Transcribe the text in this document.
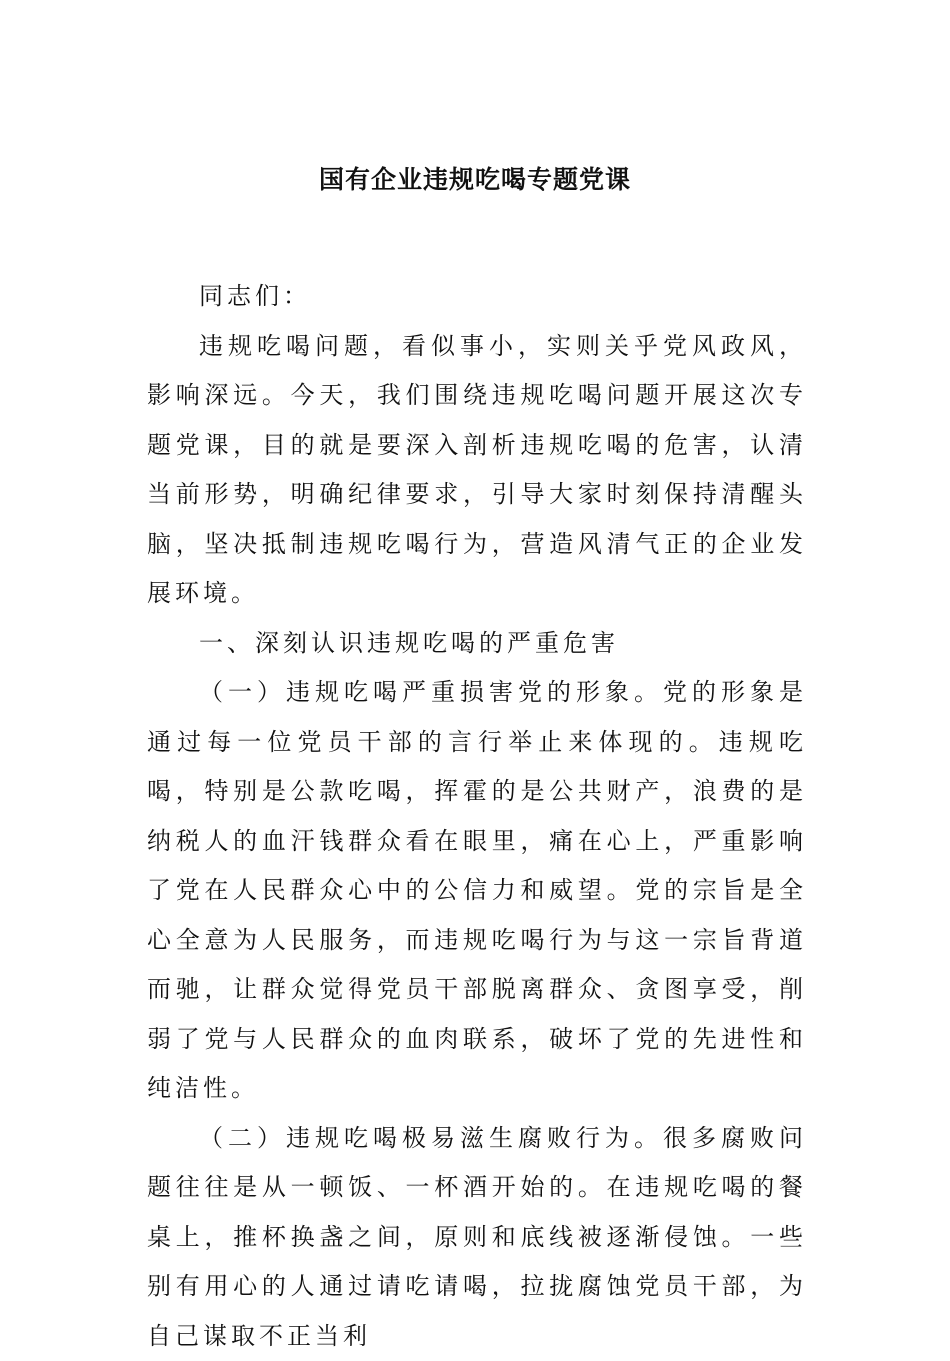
国有企业违规吃喝专题党课

同志们：

违规吃喝问题，看似事小，实则关乎党风政风，影响深远。今天，我们围绕违规吃喝问题开展这次专题党课，目的就是要深入剖析违规吃喝的危害，认清当前形势，明确纪律要求，引导大家时刻保持清醒头脑，坚决抵制违规吃喝行为，营造风清气正的企业发展环境。

一、深刻认识违规吃喝的严重危害

（一）违规吃喝严重损害党的形象。党的形象是通过每一位党员干部的言行举止来体现的。违规吃喝，特别是公款吃喝，挥霍的是公共财产，浪费的是纳税人的血汗钱群众看在眼里，痛在心上，严重影响了党在人民群众心中的公信力和威望。党的宗旨是全心全意为人民服务，而违规吃喝行为与这一宗旨背道而驰，让群众觉得党员干部脱离群众、贪图享受，削弱了党与人民群众的血肉联系，破坏了党的先进性和纯洁性。

（二）违规吃喝极易滋生腐败行为。很多腐败问题往往是从一顿饭、一杯酒开始的。在违规吃喝的餐桌上，推杯换盏之间，原则和底线被逐渐侵蚀。一些别有用心的人通过请吃请喝，拉拢腐蚀党员干部，为自己谋取不正当利
